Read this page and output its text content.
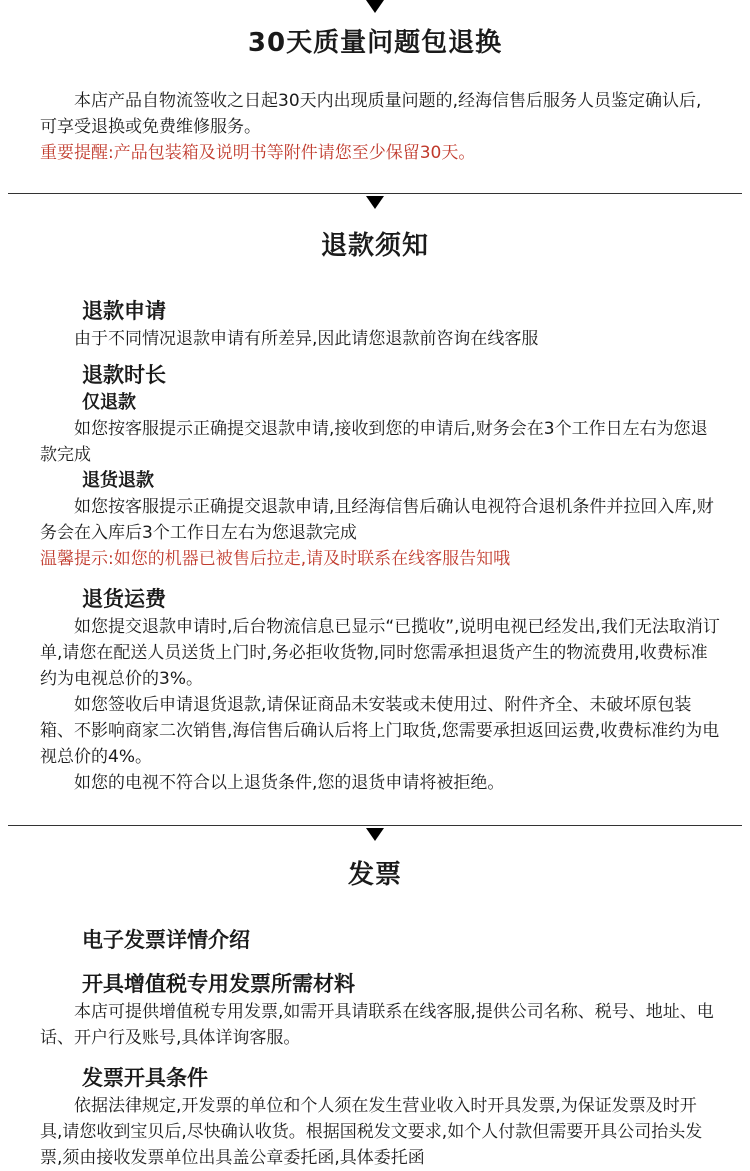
30天质量问题包退换

本店产品自物流签收之日起30天内出现质量问题的,经海信售后服务人员鉴定确认后,可享受退换或免费维修服务。

重要提醒:产品包装箱及说明书等附件请您至少保留30天。

退款须知

退款申请

由于不同情况退款申请有所差异,因此请您退款前咨询在线客服

退款时长

仅退款

如您按客服提示正确提交退款申请,接收到您的申请后,财务会在3个工作日左右为您退款完成

退货退款

如您按客服提示正确提交退款申请,且经海信售后确认电视符合退机条件并拉回入库,财务会在入库后3个工作日左右为您退款完成

温馨提示:如您的机器已被售后拉走,请及时联系在线客服告知哦

退货运费

如您提交退款申请时,后台物流信息已显示“已揽收”,说明电视已经发出,我们无法取消订单,请您在配送人员送货上门时,务必拒收货物,同时您需承担退货产生的物流费用,收费标准约为电视总价的3%。

如您签收后申请退货退款,请保证商品未安装或未使用过、附件齐全、未破坏原包装箱、不影响商家二次销售,海信售后确认后将上门取货,您需要承担返回运费,收费标准约为电视总价的4%。

如您的电视不符合以上退货条件,您的退货申请将被拒绝。

发票

电子发票详情介绍

开具增值税专用发票所需材料

本店可提供增值税专用发票,如需开具请联系在线客服,提供公司名称、税号、地址、电话、开户行及账号,具体详询客服。

发票开具条件

依据法律规定,开发票的单位和个人须在发生营业收入时开具发票,为保证发票及时开具,请您收到宝贝后,尽快确认收货。根据国税发文要求,如个人付款但需要开具公司抬头发票,须由接收发票单位出具盖公章委托函,具体委托函
